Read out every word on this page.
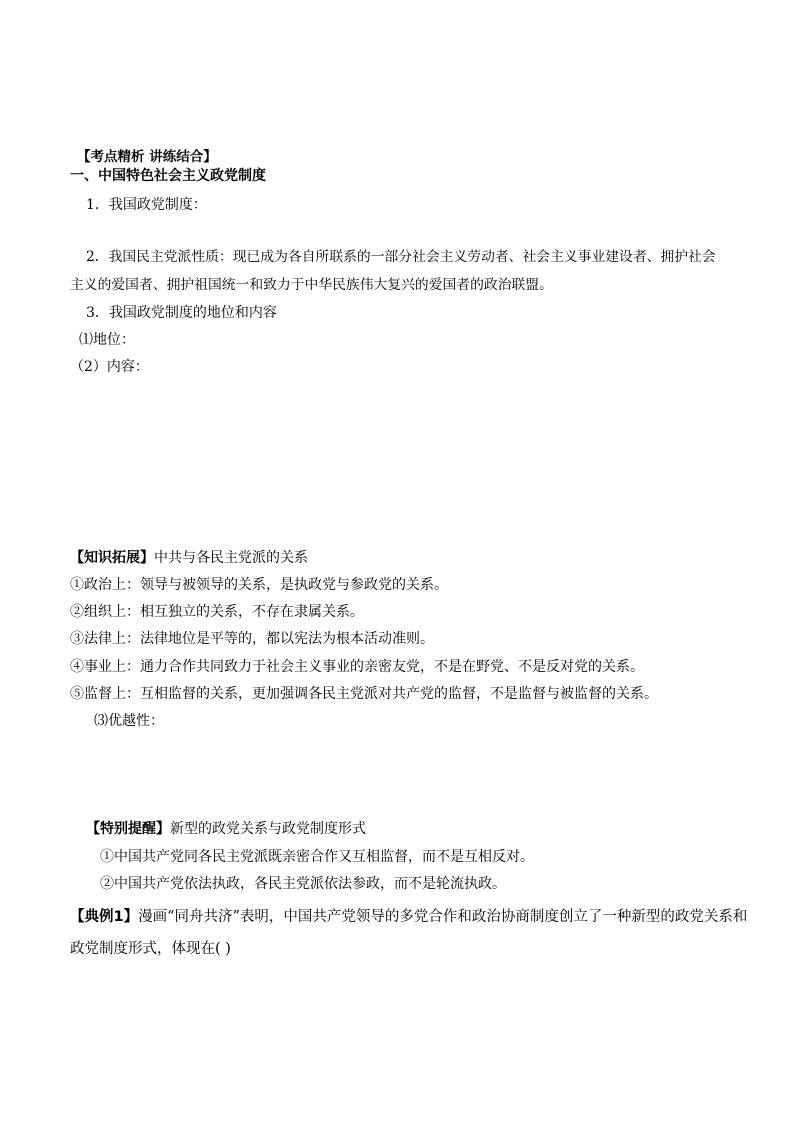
【考点精析 讲练结合】
一、中国特色社会主义政党制度
1．我国政党制度：
2．我国民主党派性质：现已成为各自所联系的一部分社会主义劳动者、社会主义事业建设者、拥护社会
主义的爱国者、拥护祖国统一和致力于中华民族伟大复兴的爱国者的政治联盟。
3．我国政党制度的地位和内容
⑴地位：
（2）内容：
【知识拓展】中共与各民主党派的关系
①政治上：领导与被领导的关系，是执政党与参政党的关系。
②组织上：相互独立的关系，不存在隶属关系。
③法律上：法律地位是平等的，都以宪法为根本活动准则。
④事业上：通力合作共同致力于社会主义事业的亲密友党，不是在野党、不是反对党的关系。
⑤监督上：互相监督的关系，更加强调各民主党派对共产党的监督，不是监督与被监督的关系。
⑶优越性：
【特别提醒】新型的政党关系与政党制度形式
①中国共产党同各民主党派既亲密合作又互相监督，而不是互相反对。
②中国共产党依法执政，各民主党派依法参政，而不是轮流执政。
【典例1】漫画“同舟共济”表明，中国共产党领导的多党合作和政治协商制度创立了一种新型的政党关系和
政党制度形式，体现在( )
